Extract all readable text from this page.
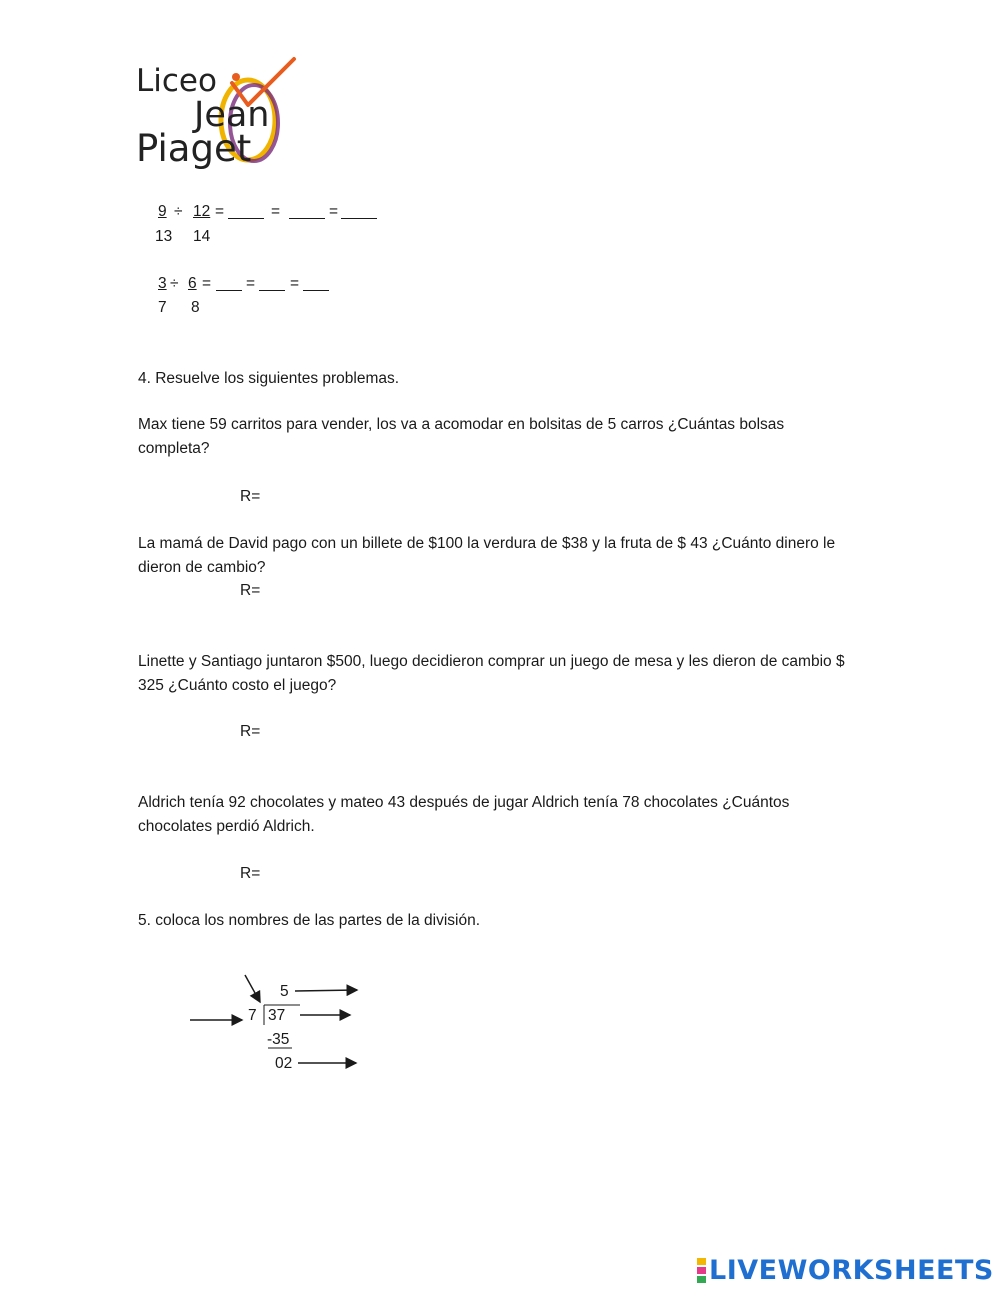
Liceo
Jean
Piaget
9 ÷ 12 =	=	=
13 14
3 ÷ 6 = = =
7 8
4. Resuelve los siguientes problemas.
Max tiene 59 carritos para vender, los va a acomodar en bolsitas de 5 carros ¿Cuántas bolsas completa?
R=
La mamá de David pago con un billete de $100 la verdura de $38 y la fruta de $ 43 ¿Cuánto dinero le dieron de cambio?
R=
Linette y Santiago juntaron $500, luego decidieron comprar un juego de mesa y les dieron de cambio $ 325 ¿Cuánto costo el juego?
R=
Aldrich tenía 92 chocolates y mateo 43 después de jugar Aldrich tenía 78 chocolates ¿Cuántos chocolates perdió Aldrich.
R=
5. coloca los nombres de las partes de la división.
5
7 37
-35
02
LIVEWORKSHEETS
